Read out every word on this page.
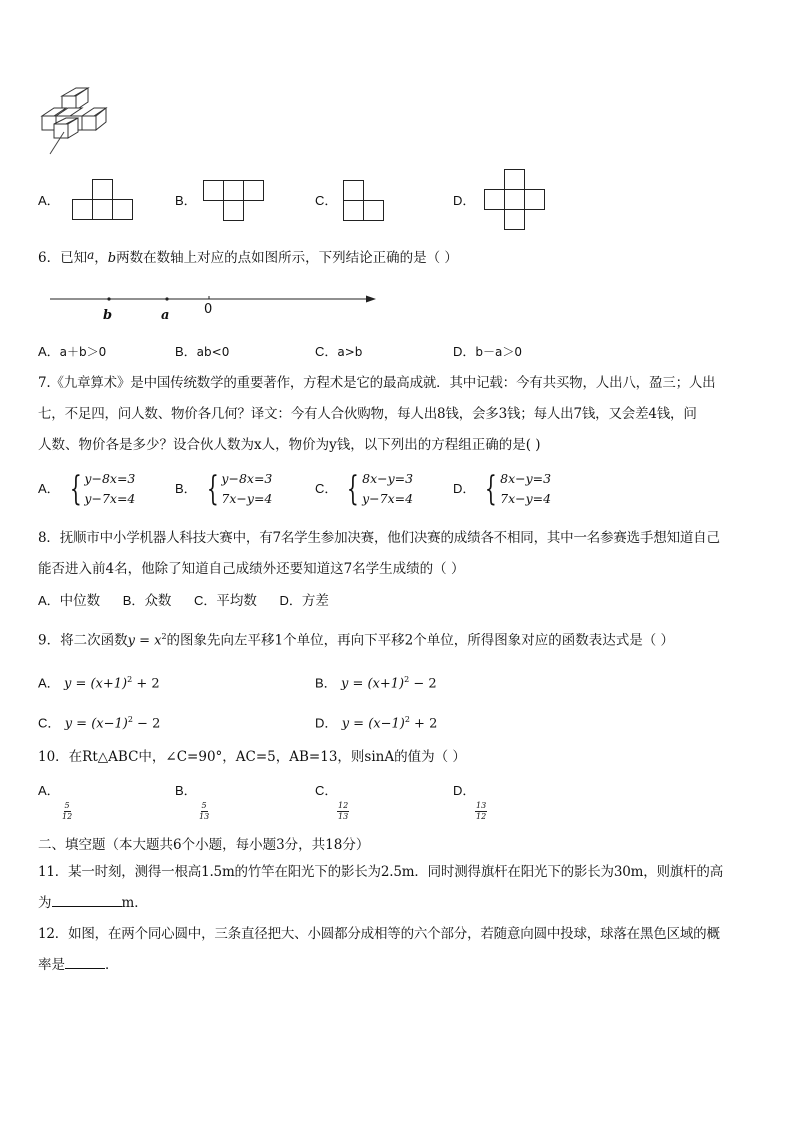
A．	B．	C．	D．
6．已知a，b两数在数轴上对应的点如图所示，下列结论正确的是（ ）
b	a	0
A．a＋b＞0	B．ab<0	C．a>b	D．b－a＞0
7.《九章算术》是中国传统数学的重要著作，方程术是它的最高成就．其中记载：今有共买物，人出八，盈三；人出
七，不足四，问人数、物价各几何？译文：今有人合伙购物，每人出8钱，会多3钱；每人出7钱，又会差4钱，问
人数、物价各是多少？设合伙人数为x人，物价为y钱，以下列出的方程组正确的是( )
A． { y−8x=3
y−7x=4
B． { y−8x=3
7x−y=4
C． { 8x−y=3
y−7x=4
D． { 8x−y=3
7x−y=4
8．抚顺市中小学机器人科技大赛中，有7名学生参加决赛，他们决赛的成绩各不相同，其中一名参赛选手想知道自己
能否进入前4名，他除了知道自己成绩外还要知道这7名学生成绩的（ ）
A．中位数 B．众数 C．平均数 D．方差
9．将二次函数$y = x^2$的图象先向左平移1个单位，再向下平移2个单位，所得图象对应的函数表达式是（ ）
A． $y = (x+1)^2 + 2$	B． $y = (x+1)^2 - 2$
C． $y = (x-1)^2 - 2$	D． $y = (x-1)^2 + 2$
10．在Rt△ABC中，∠C=90°，AC=5，AB=13，则sinA的值为（ ）
A．
$\frac{5}{12}$
B．
$\frac{5}{13}$
C．
$\frac{12}{13}$
D．
$\frac{13}{12}$
二、填空题（本大题共6个小题，每小题3分，共18分）
11．某一时刻，测得一根高1.5m的竹竿在阳光下的影长为2.5m．同时测得旗杆在阳光下的影长为30m，则旗杆的高
为	m．
12．如图，在两个同心圆中，三条直径把大、小圆都分成相等的六个部分，若随意向圆中投球，球落在黑色区域的概
率是	．
